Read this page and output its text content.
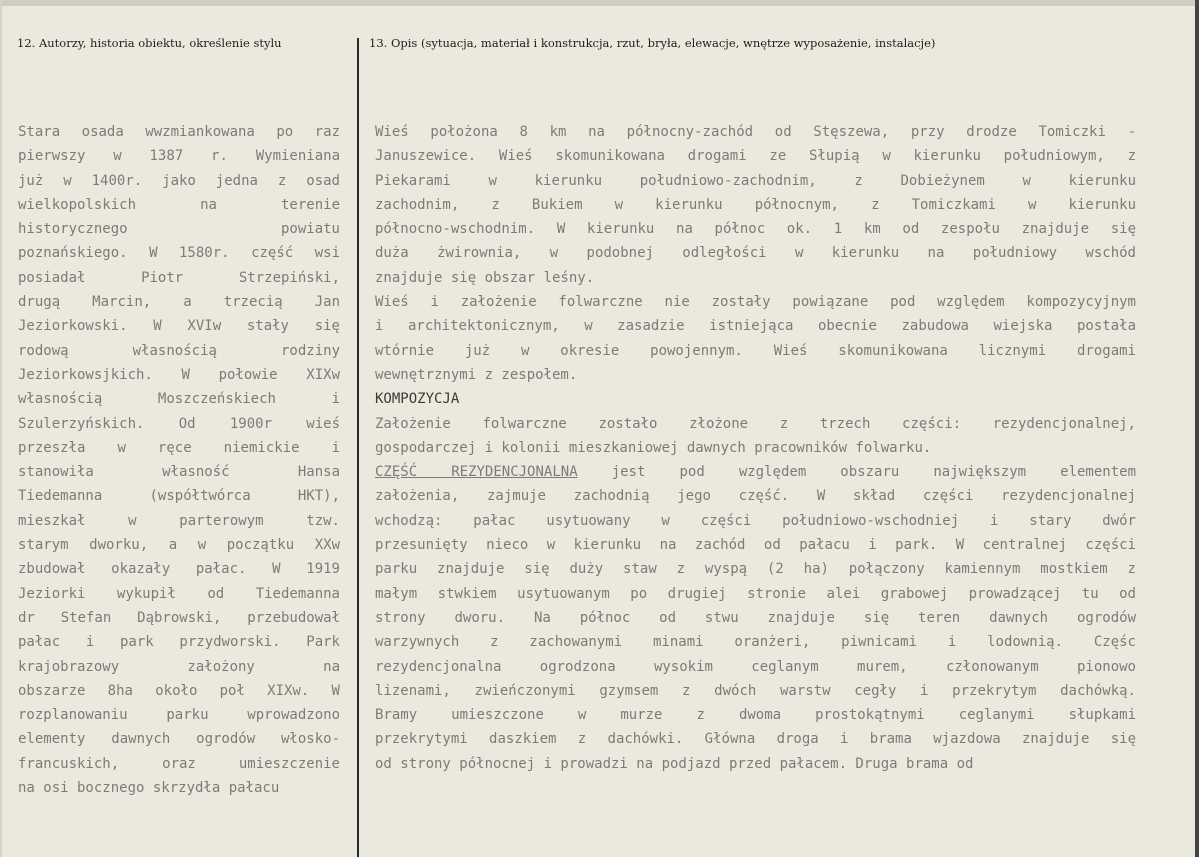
12. Autorzy, historia obiektu, określenie stylu	13. Opis (sytuacja, materiał i konstrukcja, rzut, bryła, elewacje, wnętrze wyposażenie, instalacje)
Stara osada wwzmiankowana po raz
pierwszy w 1387 r. Wymieniana
już w 1400r. jako jedna z osad
wielkopolskich na terenie
historycznego powiatu
poznańskiego. W 1580r. część wsi
posiadał Piotr Strzepiński,
drugą Marcin, a trzecią Jan
Jeziorkowski. W XVIw stały się
rodową własnością rodziny
Jeziorkowsjkich. W połowie XIXw
własnością Moszczeńskiech i
Szulerzyńskich. Od 1900r wieś
przeszła w ręce niemickie i
stanowiła własność Hansa
Tiedemanna (współtwórca HKT),
mieszkał w parterowym tzw.
starym dworku, a w początku XXw
zbudował okazały pałac. W 1919
Jeziorki wykupił od Tiedemanna
dr Stefan Dąbrowski, przebudował
pałac i park przydworski. Park
krajobrazowy założony na
obszarze 8ha około poł XIXw. W
rozplanowaniu parku wprowadzono
elementy dawnych ogrodów włosko-
francuskich, oraz umieszczenie
na osi bocznego skrzydła pałacu
Wieś położona 8 km na północny-zachód od Stęszewa, przy drodze Tomiczki -
Januszewice. Wieś skomunikowana drogami ze Słupią w kierunku południowym, z
Piekarami w kierunku południowo-zachodnim, z Dobieżynem w kierunku
zachodnim, z Bukiem w kierunku północnym, z Tomiczkami w kierunku
północno-wschodnim. W kierunku na północ ok. 1 km od zespołu znajduje się
duża żwirownia, w podobnej odległości w kierunku na południowy wschód
znajduje się obszar leśny.
Wieś i założenie folwarczne nie zostały powiązane pod względem kompozycyjnym
i architektonicznym, w zasadzie istniejąca obecnie zabudowa wiejska postała
wtórnie już w okresie powojennym. Wieś skomunikowana licznymi drogami
wewnętrznymi z zespołem.
KOMPOZYCJA
Założenie folwarczne zostało złożone z trzech części: rezydencjonalnej,
gospodarczej i kolonii mieszkaniowej dawnych pracowników folwarku.
CZĘŚĆ REZYDENCJONALNA jest pod względem obszaru największym elementem
założenia, zajmuje zachodnią jego część. W skład części rezydencjonalnej
wchodzą: pałac usytuowany w części południowo-wschodniej i stary dwór
przesunięty nieco w kierunku na zachód od pałacu i park. W centralnej części
parku znajduje się duży staw z wyspą (2 ha) połączony kamiennym mostkiem z
małym stwkiem usytuowanym po drugiej stronie alei grabowej prowadzącej tu od
strony dworu. Na północ od stwu znajduje się teren dawnych ogrodów
warzywnych z zachowanymi minami oranżeri, piwnicami i lodownią. Częśc
rezydencjonalna ogrodzona wysokim ceglanym murem, członowanym pionowo
lizenami, zwieńczonymi gzymsem z dwóch warstw cegły i przekrytym dachówką.
Bramy umieszczone w murze z dwoma prostokątnymi ceglanymi słupkami
przekrytymi daszkiem z dachówki. Główna droga i brama wjazdowa znajduje się
od strony północnej i prowadzi na podjazd przed pałacem. Druga brama od
